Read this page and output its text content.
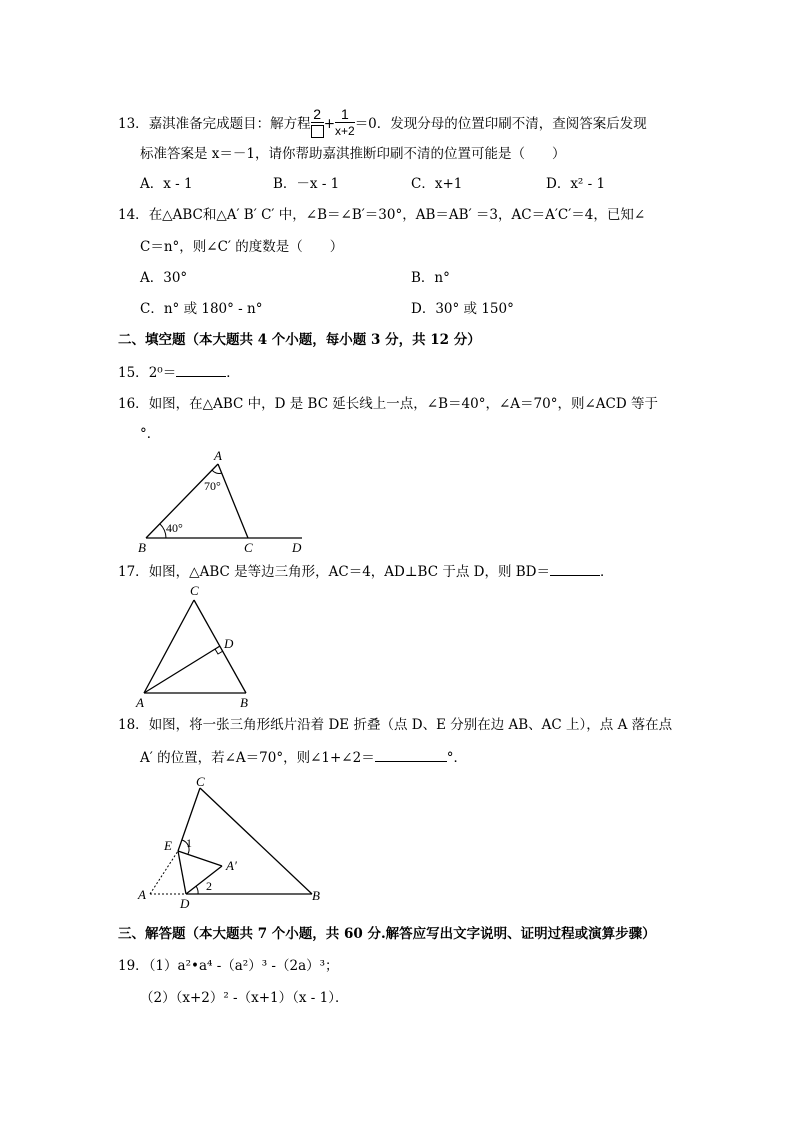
13．嘉淇准备完成题目：解方程
2
+ $\frac{1}{x+2} =0$．发现分母的位置印刷不清，查阅答案后发现
标准答案是 x＝－1，请你帮助嘉淇推断印刷不清的位置可能是（　　）
A．x - 1	B．－x - 1	C．x+1	D．x² - 1
14．在△ABC和△A′ B′ C′ 中，∠B＝∠B′＝30°，AB＝AB′ ＝3，AC＝A′C′＝4，已知∠
C＝n°，则∠C′ 的度数是（　　）
A．30°	B．n°
C．n° 或 180° - n°	D．30° 或 150°
二、填空题（本大题共 4 个小题，每小题 3 分，共 12 分）
15．2⁰＝	．
16．如图，在△ABC 中，D 是 BC 延长线上一点，∠B＝40°，∠A＝70°，则∠ACD 等于
°．
A
70°
40°
B	C	D
17．如图，△ABC 是等边三角形，AC＝4，AD⊥BC 于点 D，则 BD＝	．
C
D
A	B
18．如图，将一张三角形纸片沿着 DE 折叠（点 D、E 分别在边 AB、AC 上），点 A 落在点
A′ 的位置，若∠A＝70°，则∠1+∠2＝	°．
C
E 1
A′
2
A
D
B
三、解答题（本大题共 7 个小题，共 60 分.解答应写出文字说明、证明过程或演算步骤）
19．（1）a²•a⁴ -（a²）³ -（2a）³；
（2）（x+2）² -（x+1）（x - 1）．
